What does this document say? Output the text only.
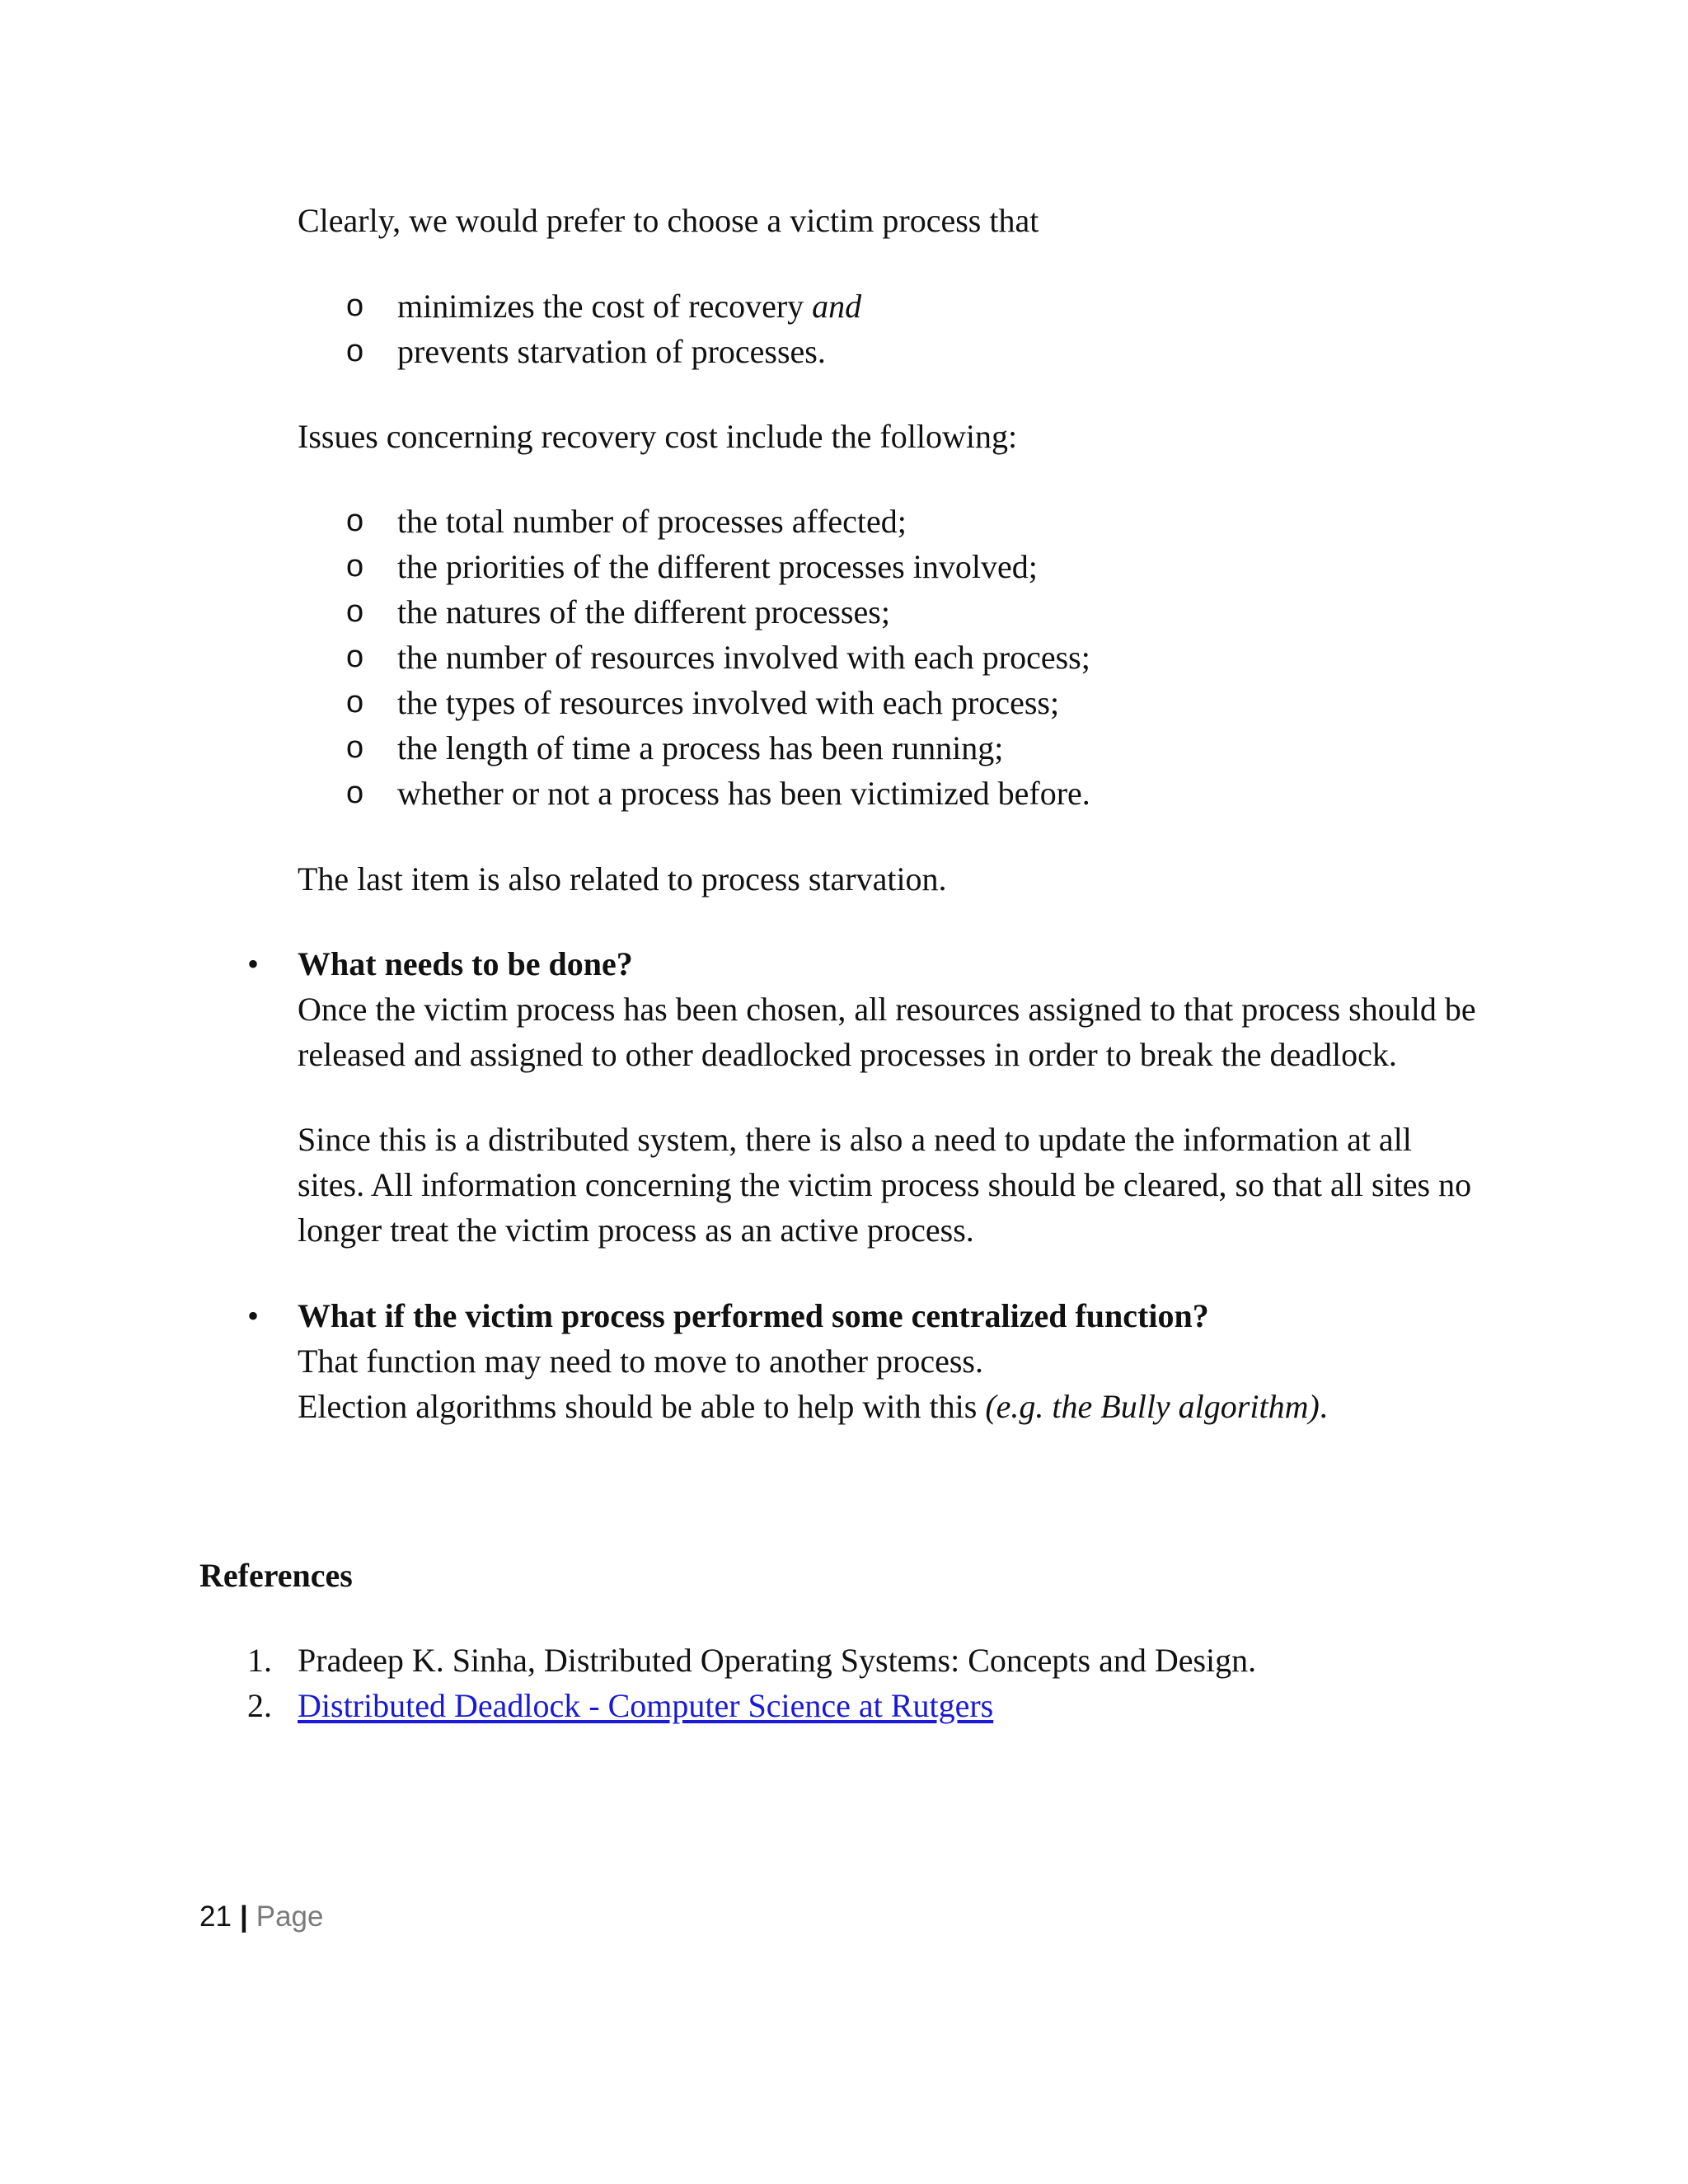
Clearly, we would prefer to choose a victim process that
o minimizes the cost of recovery and
o prevents starvation of processes.
Issues concerning recovery cost include the following:
o the total number of processes affected;
o the priorities of the different processes involved;
o the natures of the different processes;
o the number of resources involved with each process;
o the types of resources involved with each process;
o the length of time a process has been running;
o whether or not a process has been victimized before.
The last item is also related to process starvation.
• What needs to be done?
Once the victim process has been chosen, all resources assigned to that process should be
released and assigned to other deadlocked processes in order to break the deadlock.
Since this is a distributed system, there is also a need to update the information at all
sites. All information concerning the victim process should be cleared, so that all sites no
longer treat the victim process as an active process.
• What if the victim process performed some centralized function?
That function may need to move to another process.
Election algorithms should be able to help with this (e.g. the Bully algorithm).
References
1. Pradeep K. Sinha, Distributed Operating Systems: Concepts and Design.
2. Distributed Deadlock - Computer Science at Rutgers
21 | Page
